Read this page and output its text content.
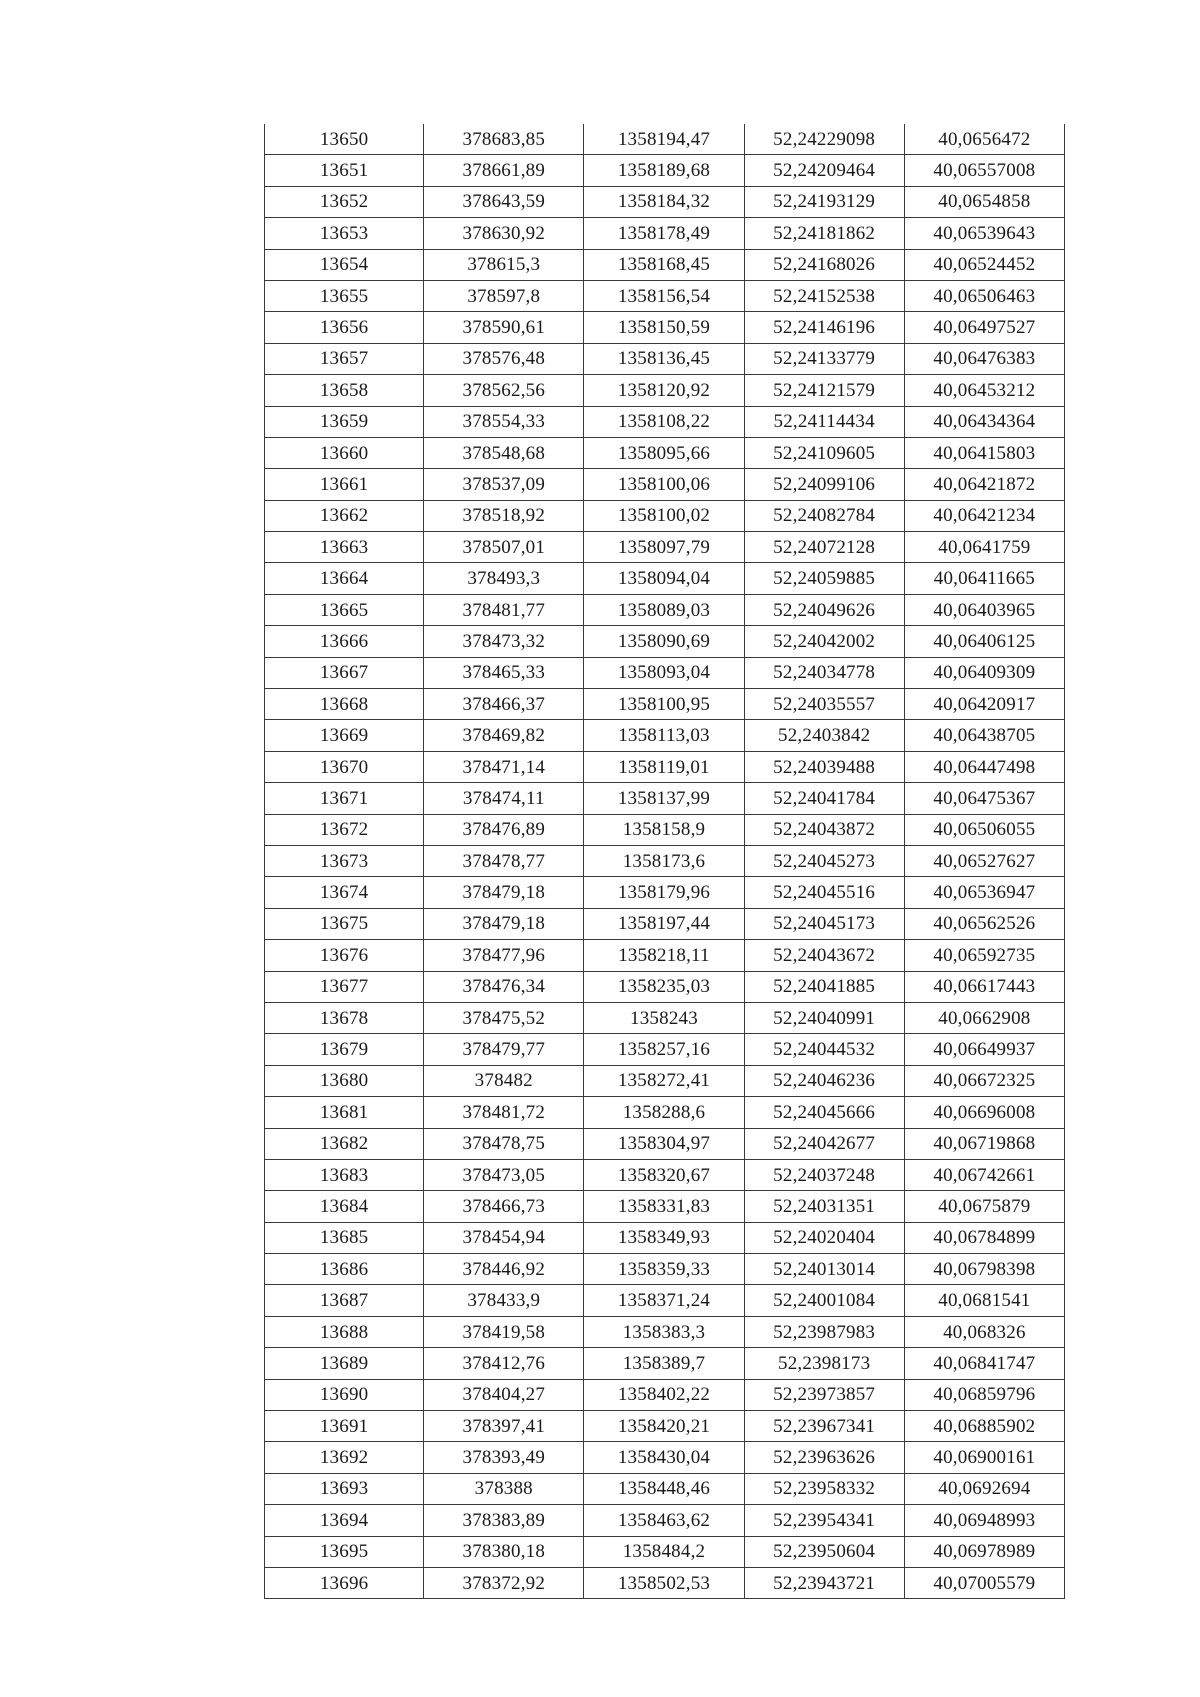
13650	378683,85	1358194,47	52,24229098	40,0656472
13651	378661,89	1358189,68	52,24209464	40,06557008
13652	378643,59	1358184,32	52,24193129	40,0654858
13653	378630,92	1358178,49	52,24181862	40,06539643
13654	378615,3	1358168,45	52,24168026	40,06524452
13655	378597,8	1358156,54	52,24152538	40,06506463
13656	378590,61	1358150,59	52,24146196	40,06497527
13657	378576,48	1358136,45	52,24133779	40,06476383
13658	378562,56	1358120,92	52,24121579	40,06453212
13659	378554,33	1358108,22	52,24114434	40,06434364
13660	378548,68	1358095,66	52,24109605	40,06415803
13661	378537,09	1358100,06	52,24099106	40,06421872
13662	378518,92	1358100,02	52,24082784	40,06421234
13663	378507,01	1358097,79	52,24072128	40,0641759
13664	378493,3	1358094,04	52,24059885	40,06411665
13665	378481,77	1358089,03	52,24049626	40,06403965
13666	378473,32	1358090,69	52,24042002	40,06406125
13667	378465,33	1358093,04	52,24034778	40,06409309
13668	378466,37	1358100,95	52,24035557	40,06420917
13669	378469,82	1358113,03	52,2403842	40,06438705
13670	378471,14	1358119,01	52,24039488	40,06447498
13671	378474,11	1358137,99	52,24041784	40,06475367
13672	378476,89	1358158,9	52,24043872	40,06506055
13673	378478,77	1358173,6	52,24045273	40,06527627
13674	378479,18	1358179,96	52,24045516	40,06536947
13675	378479,18	1358197,44	52,24045173	40,06562526
13676	378477,96	1358218,11	52,24043672	40,06592735
13677	378476,34	1358235,03	52,24041885	40,06617443
13678	378475,52	1358243	52,24040991	40,0662908
13679	378479,77	1358257,16	52,24044532	40,06649937
13680	378482	1358272,41	52,24046236	40,06672325
13681	378481,72	1358288,6	52,24045666	40,06696008
13682	378478,75	1358304,97	52,24042677	40,06719868
13683	378473,05	1358320,67	52,24037248	40,06742661
13684	378466,73	1358331,83	52,24031351	40,0675879
13685	378454,94	1358349,93	52,24020404	40,06784899
13686	378446,92	1358359,33	52,24013014	40,06798398
13687	378433,9	1358371,24	52,24001084	40,0681541
13688	378419,58	1358383,3	52,23987983	40,068326
13689	378412,76	1358389,7	52,2398173	40,06841747
13690	378404,27	1358402,22	52,23973857	40,06859796
13691	378397,41	1358420,21	52,23967341	40,06885902
13692	378393,49	1358430,04	52,23963626	40,06900161
13693	378388	1358448,46	52,23958332	40,0692694
13694	378383,89	1358463,62	52,23954341	40,06948993
13695	378380,18	1358484,2	52,23950604	40,06978989
13696	378372,92	1358502,53	52,23943721	40,07005579
